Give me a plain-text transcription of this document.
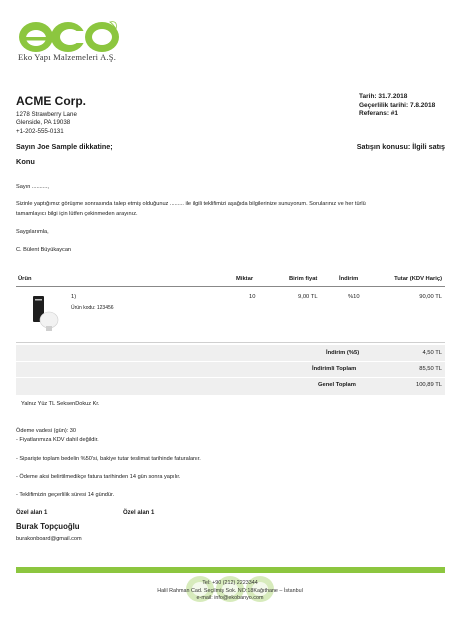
Eko Yapı Malzemeleri A.Ş.
ACME Corp.
1278 Strawberry Lane
Glenside, PA 19038
+1-202-555-0131
Tarih: 31.7.2018
Geçerlilik tarihi: 7.8.2018
Referans: #1
Sayın Joe Sample dikkatine;	Satışın konusu: İlgili satış
Konu
Sayın ..........,
Sizinle yaptığımız görüşme sonrasında talep etmiş olduğunuz ......... ile ilgili teklifimizi aşağıda bilgilerinize sunuyorum. Sorularınız ve her türlü
tamamlayıcı bilgi için lütfen çekinmeden arayınız.
Saygılarımla,
C. Bülent Büyükaycan
Ürün	Miktar	Birim fiyat	İndirim	Tutar (KDV Hariç)
1)
Ürün kodu: 123456
10	9,00 TL	%10	90,00 TL
İndirim (%5)	4,50 TL
İndirimli Toplam	85,50 TL
Genel Toplam	100,89 TL
Yalnız Yüz TL SeksenDokuz Kr.
Ödeme vadesi (gün): 30
- Fiyatlarımıza KDV dahil değildir.
- Siparişte toplam bedelin %50'si, bakiye tutar teslimat tarihinde faturalanır.
- Ödeme aksi belirtilmedikçe fatura tarihinden 14 gün sonra yapılır.
- Teklifimizin geçerlilik süresi 14 gündür.
Özel alan 1	Özel alan 1
Burak Topçuoğlu
burakonboard@gmail.com
Tel: +90 (212) 2223344
Halil Rahman Cad. Seçilmiş Sok. NO:18Kağıthane – İstanbul
e-mail: info@ekobanyo.com
